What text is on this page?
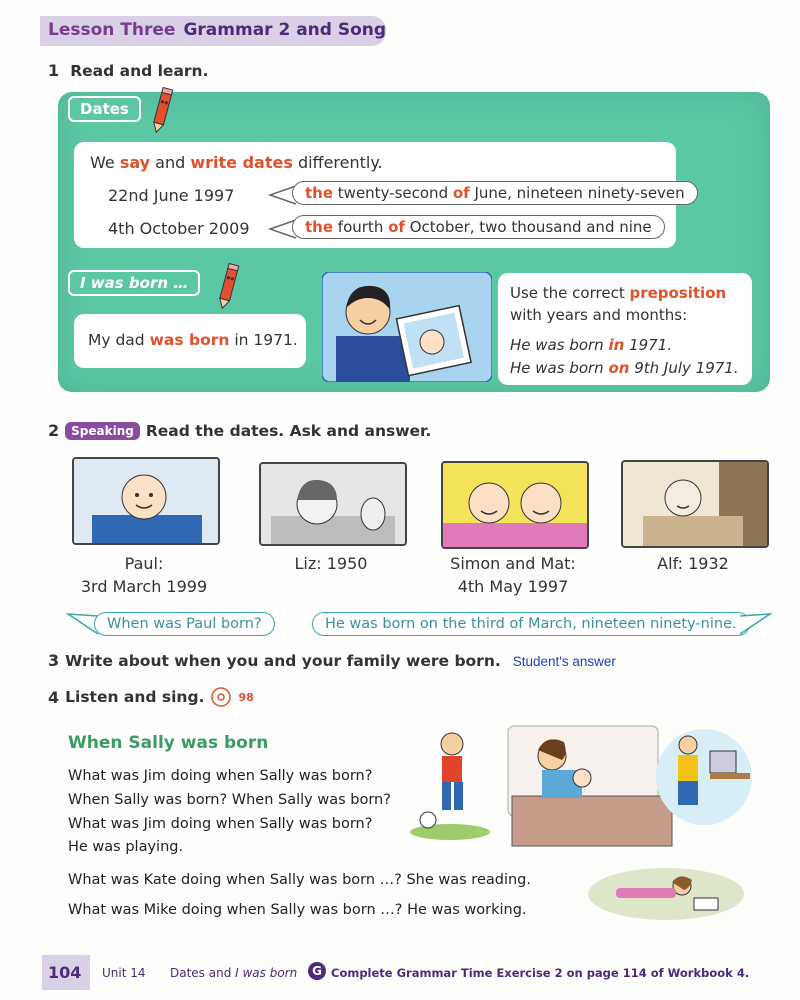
Lesson Three Grammar 2 and Song
1 Read and learn.
Dates
We say and write dates differently.
22nd June 1997	the twenty-second of June, nineteen ninety-seven
4th October 2009	the fourth of October, two thousand and nine
I was born …
My dad was born in 1971.
Use the correct preposition
with years and months:
He was born in 1971.
He was born on 9th July 1971.
2	Speaking Read the dates. Ask and answer.
Paul:
3rd March 1999
Liz: 1950	Simon and Mat:
4th May 1997
Alf: 1932
When was Paul born?	He was born on the third of March, nineteen ninety-nine.
3 Write about when you and your family were born. Student's answer
4 Listen and sing.	98
When Sally was born
What was Jim doing when Sally was born?
When Sally was born? When Sally was born?
What was Jim doing when Sally was born?
He was playing.
What was Kate doing when Sally was born …? She was reading.
What was Mike doing when Sally was born …? He was working.
104 Unit 14 Dates and I was born	G Complete Grammar Time Exercise 2 on page 114 of Workbook 4.
